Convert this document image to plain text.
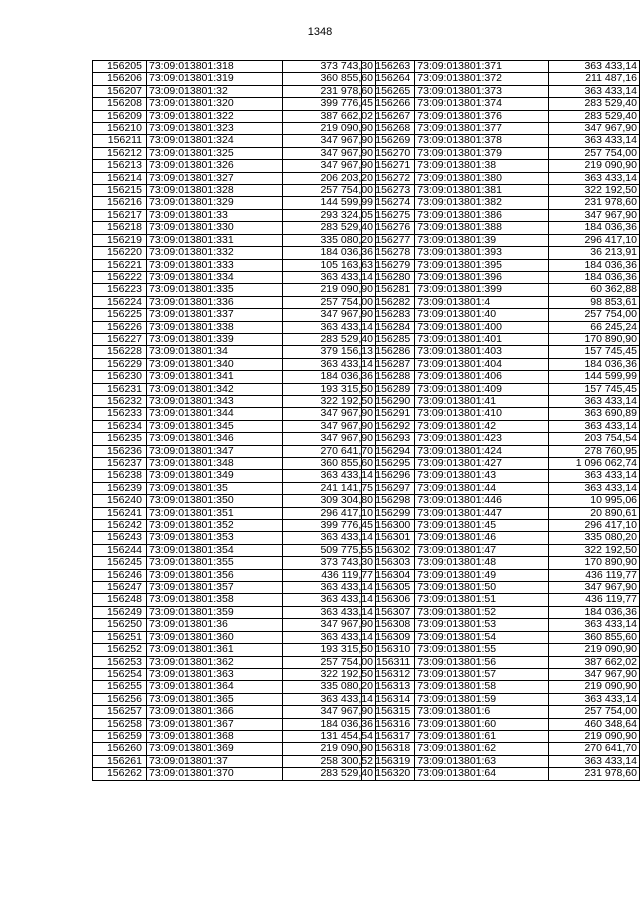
1348
156205	73:09:013801:318	373 743,30
156206	73:09:013801:319	360 855,60
156207	73:09:013801:32	231 978,60
156208	73:09:013801:320	399 776,45
156209	73:09:013801:322	387 662,02
156210	73:09:013801:323	219 090,90
156211	73:09:013801:324	347 967,90
156212	73:09:013801:325	347 967,90
156213	73:09:013801:326	347 967,90
156214	73:09:013801:327	206 203,20
156215	73:09:013801:328	257 754,00
156216	73:09:013801:329	144 599,99
156217	73:09:013801:33	293 324,05
156218	73:09:013801:330	283 529,40
156219	73:09:013801:331	335 080,20
156220	73:09:013801:332	184 036,36
156221	73:09:013801:333	105 163,63
156222	73:09:013801:334	363 433,14
156223	73:09:013801:335	219 090,90
156224	73:09:013801:336	257 754,00
156225	73:09:013801:337	347 967,90
156226	73:09:013801:338	363 433,14
156227	73:09:013801:339	283 529,40
156228	73:09:013801:34	379 156,13
156229	73:09:013801:340	363 433,14
156230	73:09:013801:341	184 036,36
156231	73:09:013801:342	193 315,50
156232	73:09:013801:343	322 192,50
156233	73:09:013801:344	347 967,90
156234	73:09:013801:345	347 967,90
156235	73:09:013801:346	347 967,90
156236	73:09:013801:347	270 641,70
156237	73:09:013801:348	360 855,60
156238	73:09:013801:349	363 433,14
156239	73:09:013801:35	241 141,75
156240	73:09:013801:350	309 304,80
156241	73:09:013801:351	296 417,10
156242	73:09:013801:352	399 776,45
156243	73:09:013801:353	363 433,14
156244	73:09:013801:354	509 775,55
156245	73:09:013801:355	373 743,30
156246	73:09:013801:356	436 119,77
156247	73:09:013801:357	363 433,14
156248	73:09:013801:358	363 433,14
156249	73:09:013801:359	363 433,14
156250	73:09:013801:36	347 967,90
156251	73:09:013801:360	363 433,14
156252	73:09:013801:361	193 315,50
156253	73:09:013801:362	257 754,00
156254	73:09:013801:363	322 192,50
156255	73:09:013801:364	335 080,20
156256	73:09:013801:365	363 433,14
156257	73:09:013801:366	347 967,90
156258	73:09:013801:367	184 036,36
156259	73:09:013801:368	131 454,54
156260	73:09:013801:369	219 090,90
156261	73:09:013801:37	258 300,52
156262	73:09:013801:370	283 529,40
156263	73:09:013801:371	363 433,14
156264	73:09:013801:372	211 487,16
156265	73:09:013801:373	363 433,14
156266	73:09:013801:374	283 529,40
156267	73:09:013801:376	283 529,40
156268	73:09:013801:377	347 967,90
156269	73:09:013801:378	363 433,14
156270	73:09:013801:379	257 754,00
156271	73:09:013801:38	219 090,90
156272	73:09:013801:380	363 433,14
156273	73:09:013801:381	322 192,50
156274	73:09:013801:382	231 978,60
156275	73:09:013801:386	347 967,90
156276	73:09:013801:388	184 036,36
156277	73:09:013801:39	296 417,10
156278	73:09:013801:393	36 213,91
156279	73:09:013801:395	184 036,36
156280	73:09:013801:396	184 036,36
156281	73:09:013801:399	60 362,88
156282	73:09:013801:4	98 853,61
156283	73:09:013801:40	257 754,00
156284	73:09:013801:400	66 245,24
156285	73:09:013801:401	170 890,90
156286	73:09:013801:403	157 745,45
156287	73:09:013801:404	184 036,36
156288	73:09:013801:406	144 599,99
156289	73:09:013801:409	157 745,45
156290	73:09:013801:41	363 433,14
156291	73:09:013801:410	363 690,89
156292	73:09:013801:42	363 433,14
156293	73:09:013801:423	203 754,54
156294	73:09:013801:424	278 760,95
156295	73:09:013801:427	1 096 062,74
156296	73:09:013801:43	363 433,14
156297	73:09:013801:44	363 433,14
156298	73:09:013801:446	10 995,06
156299	73:09:013801:447	20 890,61
156300	73:09:013801:45	296 417,10
156301	73:09:013801:46	335 080,20
156302	73:09:013801:47	322 192,50
156303	73:09:013801:48	170 890,90
156304	73:09:013801:49	436 119,77
156305	73:09:013801:50	347 967,90
156306	73:09:013801:51	436 119,77
156307	73:09:013801:52	184 036,36
156308	73:09:013801:53	363 433,14
156309	73:09:013801:54	360 855,60
156310	73:09:013801:55	219 090,90
156311	73:09:013801:56	387 662,02
156312	73:09:013801:57	347 967,90
156313	73:09:013801:58	219 090,90
156314	73:09:013801:59	363 433,14
156315	73:09:013801:6	257 754,00
156316	73:09:013801:60	460 348,64
156317	73:09:013801:61	219 090,90
156318	73:09:013801:62	270 641,70
156319	73:09:013801:63	363 433,14
156320	73:09:013801:64	231 978,60
